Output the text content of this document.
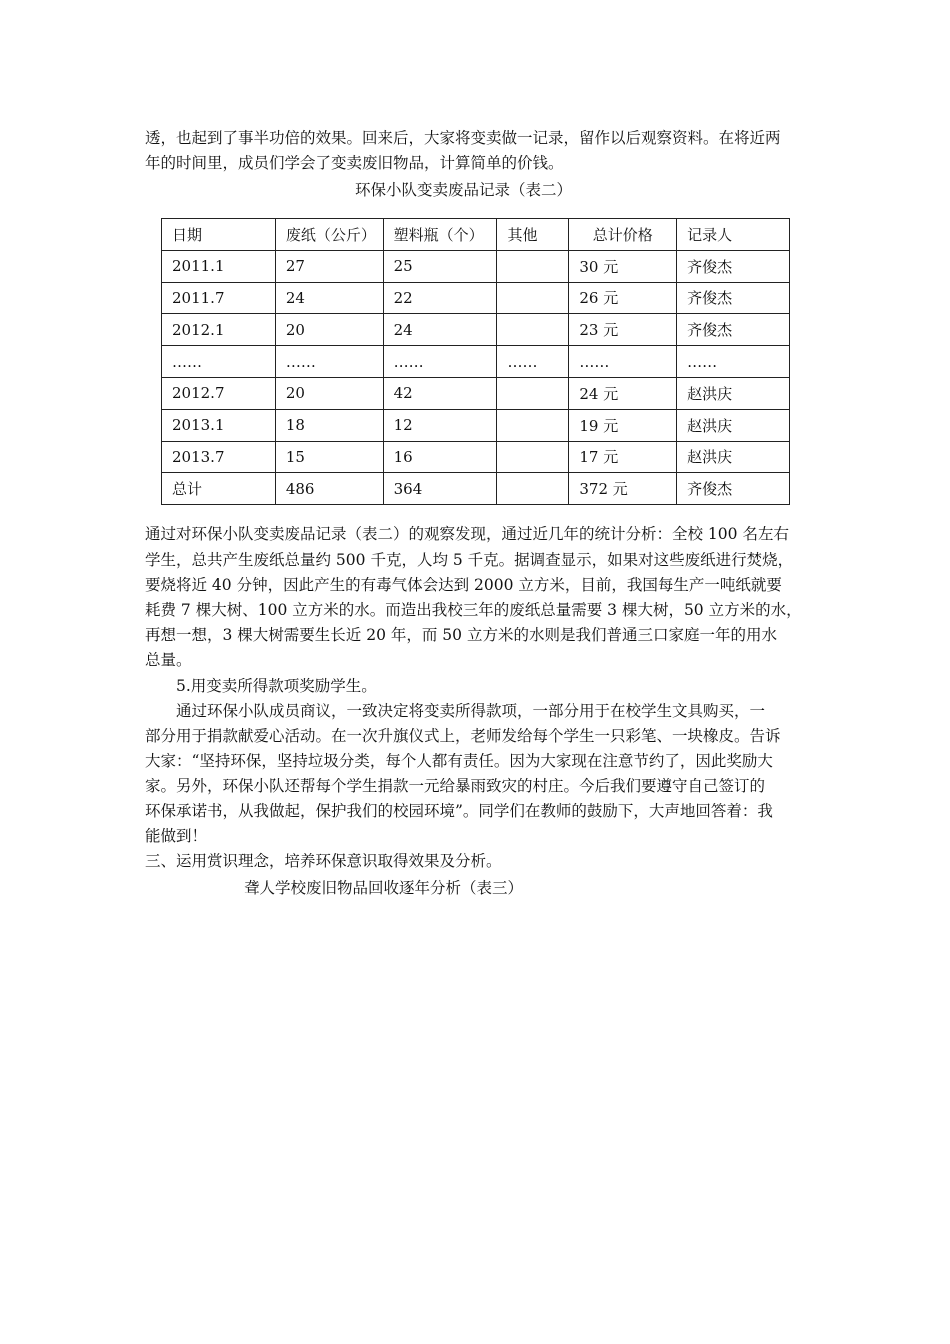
透，也起到了事半功倍的效果。回来后，大家将变卖做一记录，留作以后观察资料。在将近两
年的时间里，成员们学会了变卖废旧物品，计算简单的价钱。
环保小队变卖废品记录（表二）
日期	废纸（公斤）	塑料瓶（个）	其他	总计价格	记录人
2011.1	27	25		30 元	齐俊杰
2011.7	24	22		26 元	齐俊杰
2012.1	20	24		23 元	齐俊杰
……	……	……	……	……	……
2012.7	20	42		24 元	赵洪庆
2013.1	18	12		19 元	赵洪庆
2013.7	15	16		17 元	赵洪庆
总计	486	364		372 元	齐俊杰
通过对环保小队变卖废品记录（表二）的观察发现，通过近几年的统计分析：全校 100 名左右
学生，总共产生废纸总量约 500 千克，人均 5 千克。据调查显示，如果对这些废纸进行焚烧，
要烧将近 40 分钟，因此产生的有毒气体会达到 2000 立方米，目前，我国每生产一吨纸就要
耗费 7 棵大树、100 立方米的水。而造出我校三年的废纸总量需要 3 棵大树，50 立方米的水，
再想一想，3 棵大树需要生长近 20 年，而 50 立方米的水则是我们普通三口家庭一年的用水
总量。
5.用变卖所得款项奖励学生。
通过环保小队成员商议，一致决定将变卖所得款项，一部分用于在校学生文具购买，一
部分用于捐款献爱心活动。在一次升旗仪式上，老师发给每个学生一只彩笔、一块橡皮。告诉
大家：“坚持环保，坚持垃圾分类，每个人都有责任。因为大家现在注意节约了，因此奖励大
家。另外，环保小队还帮每个学生捐款一元给暴雨致灾的村庄。今后我们要遵守自己签订的
环保承诺书，从我做起，保护我们的校园环境”。同学们在教师的鼓励下，大声地回答着：我
能做到！
三、运用赏识理念，培养环保意识取得效果及分析。
聋人学校废旧物品回收逐年分析（表三）
